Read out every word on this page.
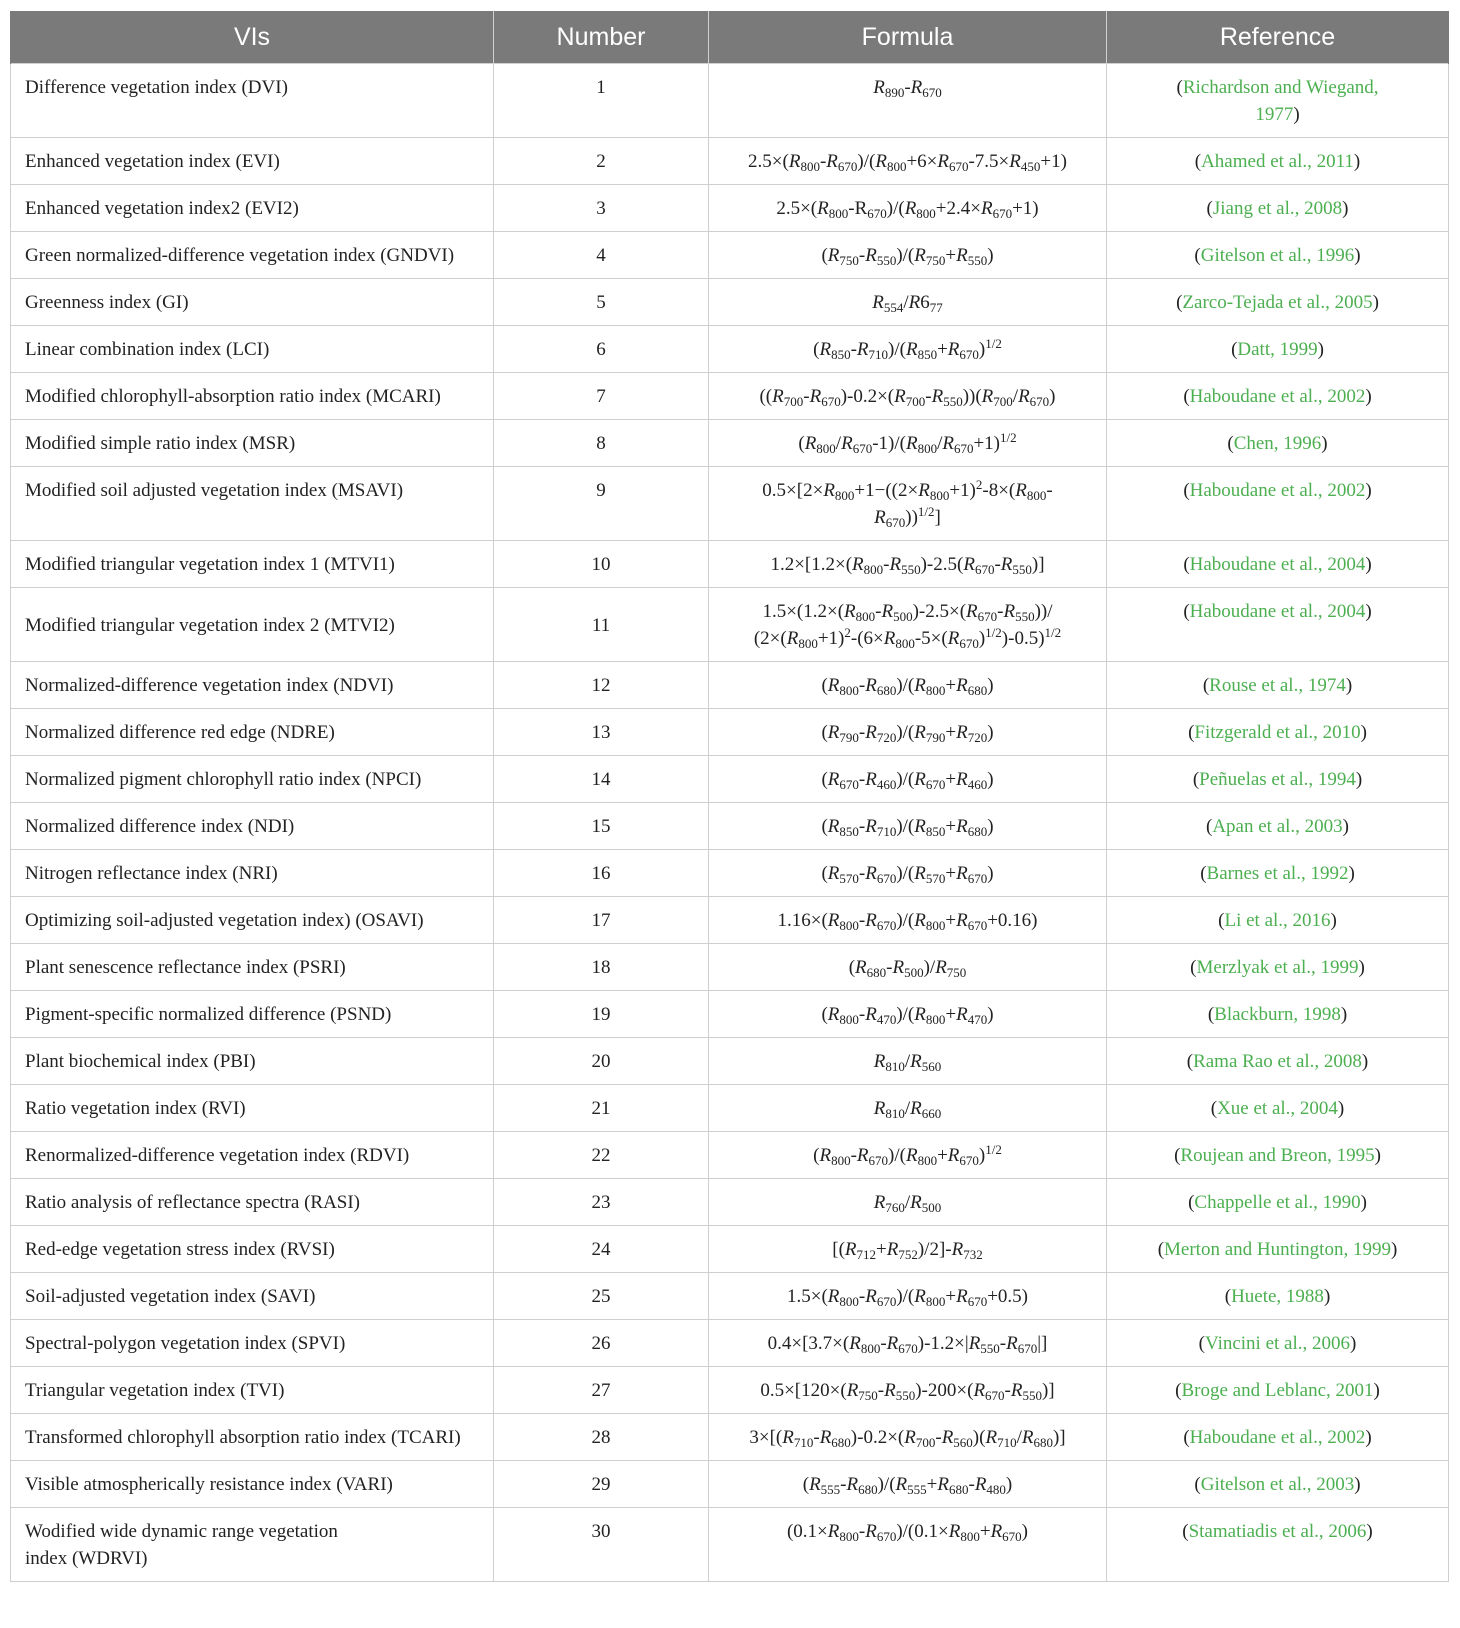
VIs	Number	Formula	Reference
Difference vegetation index (DVI)	1	$R_{890}-R_{670}$	(Richardson and Wiegand, 1977)
Enhanced vegetation index (EVI)	2	$2.5\times(R_{800}-R_{670})/(R_{800}+6\times R_{670}-7.5\times R_{450}+1)$	(Ahamed et al., 2011)
Enhanced vegetation index2 (EVI2)	3	$2.5\times(R_{800}-R_{670})/(R_{800}+2.4\times R_{670}+1)$	(Jiang et al., 2008)
Green normalized-difference vegetation index (GNDVI)	4	$(R_{750}-R_{550})/(R_{750}+R_{550})$	(Gitelson et al., 1996)
Greenness index (GI)	5	$R_{554}/R6_{77}$	(Zarco-Tejada et al., 2005)
Linear combination index (LCI)	6	$(R_{850}-R_{710})/(R_{850}+R_{670})^{1/2}$	(Datt, 1999)
Modified chlorophyll-absorption ratio index (MCARI)	7	$((R_{700}-R_{670})-0.2\times(R_{700}-R_{550}))(R_{700}/R_{670})$	(Haboudane et al., 2002)
Modified simple ratio index (MSR)	8	$(R_{800}/R_{670}-1)/(R_{800}/R_{670}+1)^{1/2}$	(Chen, 1996)
Modified soil adjusted vegetation index (MSAVI)	9	$0.5\times[2\times R_{800}+1-((2\times R_{800}+1)^2-8\times(R_{800}-$
$R_{670}))^{1/2}$]	(Haboudane et al., 2002)
Modified triangular vegetation index 1 (MTVI1)	10	$1.2\times[1.2\times(R_{800}-R_{550})-2.5(R_{670}-R_{550})]$	(Haboudane et al., 2004)
Modified triangular vegetation index 2 (MTVI2)	11	$1.5\times(1.2\times(R_{800}-R_{500})-2.5\times(R_{670}-R_{550}))/$
$(2\times(R_{800}+1)^2-(6\times R_{800}-5\times(R_{670})^{1/2})-0.5)^{1/2}$	(Haboudane et al., 2004)
Normalized-difference vegetation index (NDVI)	12	$(R_{800}-R_{680})/(R_{800}+R_{680})$	(Rouse et al., 1974)
Normalized difference red edge (NDRE)	13	$(R_{790}-R_{720})/(R_{790}+R_{720})$	(Fitzgerald et al., 2010)
Normalized pigment chlorophyll ratio index (NPCI)	14	$(R_{670}-R_{460})/(R_{670}+R_{460})$	(Peñuelas et al., 1994)
Normalized difference index (NDI)	15	$(R_{850}-R_{710})/(R_{850}+R_{680})$	(Apan et al., 2003)
Nitrogen reflectance index (NRI)	16	$(R_{570}-R_{670})/(R_{570}+R_{670})$	(Barnes et al., 1992)
Optimizing soil-adjusted vegetation index) (OSAVI)	17	$1.16\times(R_{800}-R_{670})/(R_{800}+R_{670}+0.16)$	(Li et al., 2016)
Plant senescence reflectance index (PSRI)	18	$(R_{680}-R_{500})/R_{750}$	(Merzlyak et al., 1999)
Pigment-specific normalized difference (PSND)	19	$(R_{800}-R_{470})/(R_{800}+R_{470})$	(Blackburn, 1998)
Plant biochemical index (PBI)	20	$R_{810}/R_{560}$	(Rama Rao et al., 2008)
Ratio vegetation index (RVI)	21	$R_{810}/R_{660}$	(Xue et al., 2004)
Renormalized-difference vegetation index (RDVI)	22	$(R_{800}-R_{670})/(R_{800}+R_{670})^{1/2}$	(Roujean and Breon, 1995)
Ratio analysis of reflectance spectra (RASI)	23	$R_{760}/R_{500}$	(Chappelle et al., 1990)
Red-edge vegetation stress index (RVSI)	24	$[(R_{712}+R_{752})/2]-R_{732}$	(Merton and Huntington, 1999)
Soil-adjusted vegetation index (SAVI)	25	$1.5\times(R_{800}-R_{670})/(R_{800}+R_{670}+0.5)$	(Huete, 1988)
Spectral-polygon vegetation index (SPVI)	26	$0.4\times[3.7\times(R_{800}-R_{670})-1.2\times|R_{550}-R_{670}|]$	(Vincini et al., 2006)
Triangular vegetation index (TVI)	27	$0.5\times[120\times(R_{750}-R_{550})-200\times(R_{670}-R_{550})]$	(Broge and Leblanc, 2001)
Transformed chlorophyll absorption ratio index (TCARI)	28	$3\times[(R_{710}-R_{680})-0.2\times(R_{700}-R_{560})(R_{710}/R_{680})]$	(Haboudane et al., 2002)
Visible atmospherically resistance index (VARI)	29	$(R_{555}-R_{680})/(R_{555}+R_{680}-R_{480})$	(Gitelson et al., 2003)
Wodified wide dynamic range vegetation index (WDRVI)	30	$(0.1\times R_{800}-R_{670})/(0.1\times R_{800}+R_{670})$	(Stamatiadis et al., 2006)
